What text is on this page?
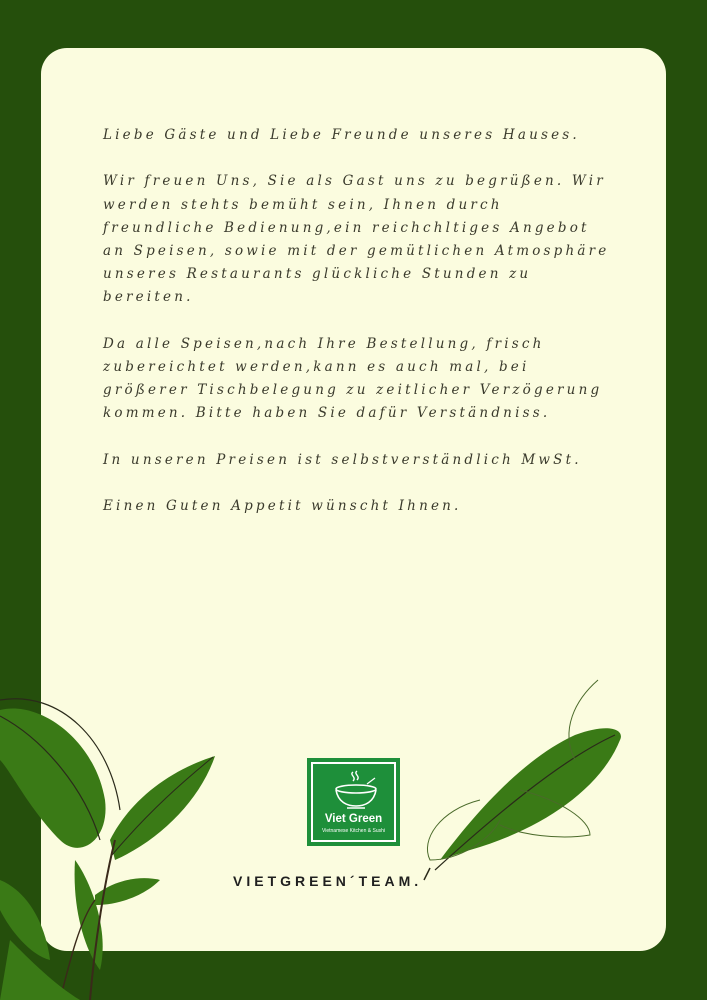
Liebe Gäste und Liebe Freunde unseres Hauses.

Wir freuen Uns, Sie als Gast uns zu begrüßen. Wir werden stehts bemüht sein, Ihnen durch freundliche Bedienung,ein reichchltiges Angebot an Speisen, sowie mit der gemütlichen Atmosphäre unseres Restaurants glückliche Stunden zu bereiten.

Da alle Speisen,nach Ihre Bestellung, frisch zubereichtet werden,kann es auch mal, bei größerer Tischbelegung zu zeitlicher Verzögerung kommen. Bitte haben Sie dafür Verständniss.

In unseren Preisen ist selbstverständlich MwSt.

Einen Guten Appetit wünscht Ihnen.

Viet Green
Vietnamese Kitchen & Sushi
VIETGREEN´TEAM.
